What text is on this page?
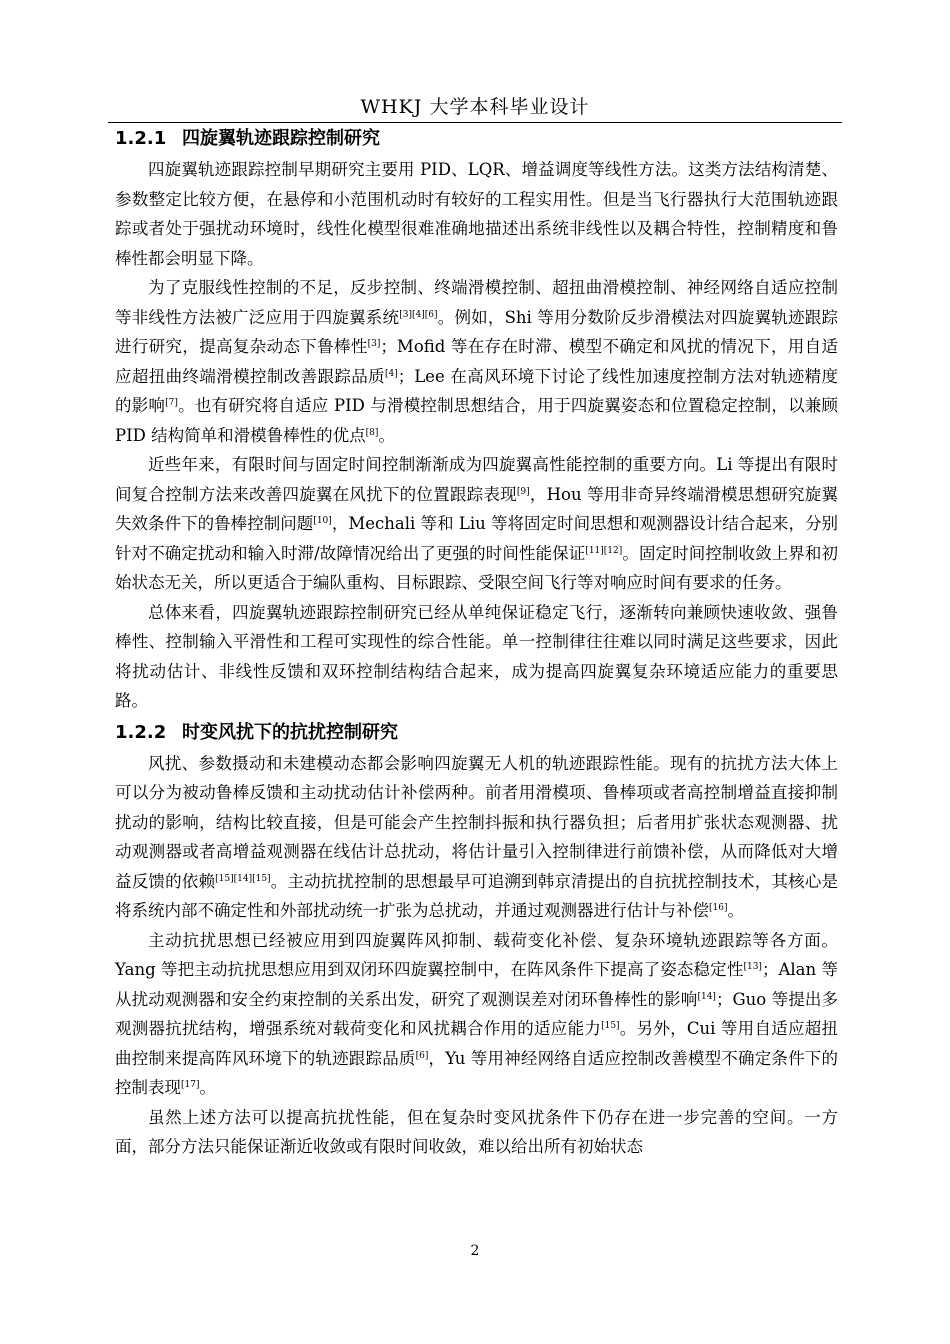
WHKJ 大学本科毕业设计
1.2.1 四旋翼轨迹跟踪控制研究

四旋翼轨迹跟踪控制早期研究主要用 PID、LQR、增益调度等线性方法。这类方法结构清楚、参数整定比较方便，在悬停和小范围机动时有较好的工程实用性。但是当飞行器执行大范围轨迹跟踪或者处于强扰动环境时，线性化模型很难准确地描述出系统非线性以及耦合特性，控制精度和鲁棒性都会明显下降。

为了克服线性控制的不足，反步控制、终端滑模控制、超扭曲滑模控制、神经网络自适应控制等非线性方法被广泛应用于四旋翼系统[3][4][6]。例如，Shi 等用分数阶反步滑模法对四旋翼轨迹跟踪进行研究，提高复杂动态下鲁棒性[3]；Mofid 等在存在时滞、模型不确定和风扰的情况下，用自适应超扭曲终端滑模控制改善跟踪品质[4]；Lee 在高风环境下讨论了线性加速度控制方法对轨迹精度的影响[7]。也有研究将自适应 PID 与滑模控制思想结合，用于四旋翼姿态和位置稳定控制，以兼顾 PID 结构简单和滑模鲁棒性的优点[8]。

近些年来，有限时间与固定时间控制渐渐成为四旋翼高性能控制的重要方向。Li 等提出有限时间复合控制方法来改善四旋翼在风扰下的位置跟踪表现[9]，Hou 等用非奇异终端滑模思想研究旋翼失效条件下的鲁棒控制问题[10]，Mechali 等和 Liu 等将固定时间思想和观测器设计结合起来，分别针对不确定扰动和输入时滞/故障情况给出了更强的时间性能保证[11][12]。固定时间控制收敛上界和初始状态无关，所以更适合于编队重构、目标跟踪、受限空间飞行等对响应时间有要求的任务。

总体来看，四旋翼轨迹跟踪控制研究已经从单纯保证稳定飞行，逐渐转向兼顾快速收敛、强鲁棒性、控制输入平滑性和工程可实现性的综合性能。单一控制律往往难以同时满足这些要求，因此将扰动估计、非线性反馈和双环控制结构结合起来，成为提高四旋翼复杂环境适应能力的重要思路。

1.2.2 时变风扰下的抗扰控制研究

风扰、参数摄动和未建模动态都会影响四旋翼无人机的轨迹跟踪性能。现有的抗扰方法大体上可以分为被动鲁棒反馈和主动扰动估计补偿两种。前者用滑模项、鲁棒项或者高控制增益直接抑制扰动的影响，结构比较直接，但是可能会产生控制抖振和执行器负担；后者用扩张状态观测器、扰动观测器或者高增益观测器在线估计总扰动，将估计量引入控制律进行前馈补偿，从而降低对大增益反馈的依赖[15][14][15]。主动抗扰控制的思想最早可追溯到韩京清提出的自抗扰控制技术，其核心是将系统内部不确定性和外部扰动统一扩张为总扰动，并通过观测器进行估计与补偿[16]。

主动抗扰思想已经被应用到四旋翼阵风抑制、载荷变化补偿、复杂环境轨迹跟踪等各方面。Yang 等把主动抗扰思想应用到双闭环四旋翼控制中，在阵风条件下提高了姿态稳定性[13]；Alan 等从扰动观测器和安全约束控制的关系出发，研究了观测误差对闭环鲁棒性的影响[14]；Guo 等提出多观测器抗扰结构，增强系统对载荷变化和风扰耦合作用的适应能力[15]。另外，Cui 等用自适应超扭曲控制来提高阵风环境下的轨迹跟踪品质[6]，Yu 等用神经网络自适应控制改善模型不确定条件下的控制表现[17]。

虽然上述方法可以提高抗扰性能，但在复杂时变风扰条件下仍存在进一步完善的空间。一方面，部分方法只能保证渐近收敛或有限时间收敛，难以给出所有初始状态

2
